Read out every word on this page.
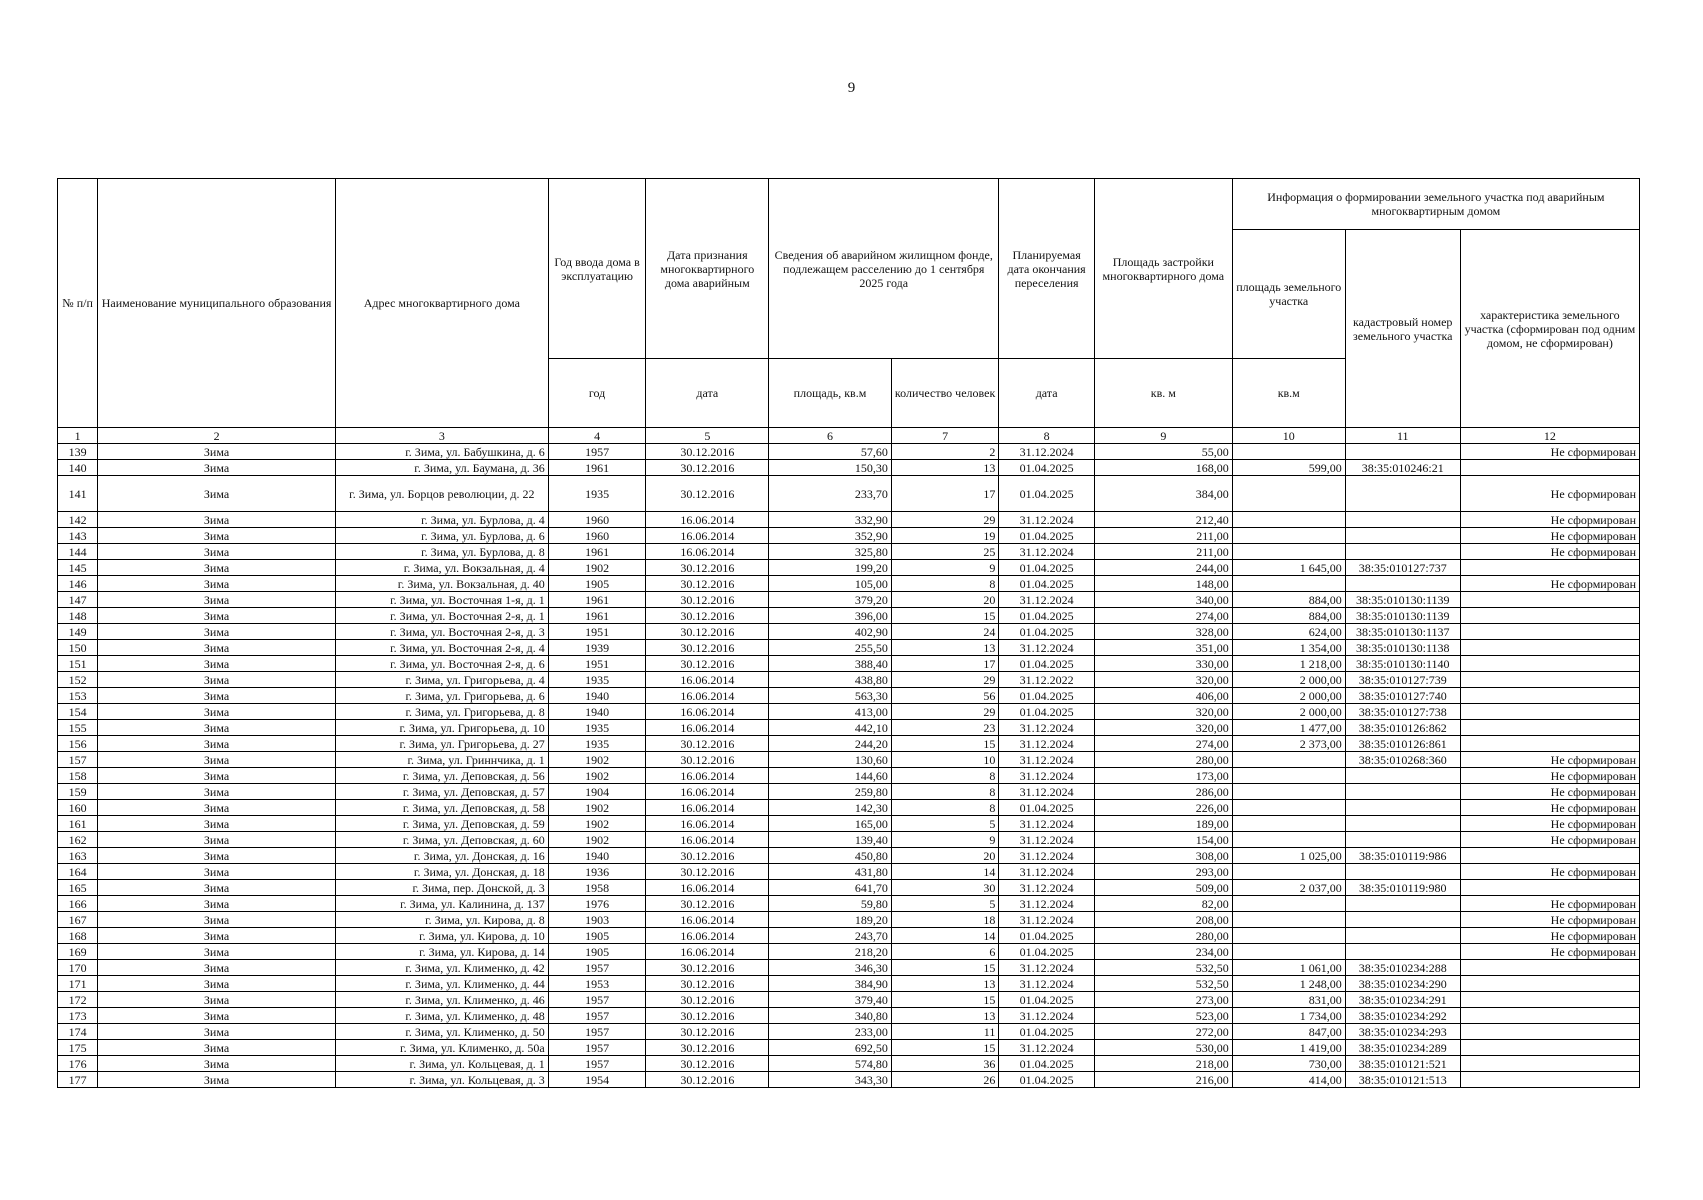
9
№ п/п	Наименование муниципального образования	Адрес многоквартирного дома	Год ввода дома в эксплуатацию	Дата признания многоквартирного дома аварийным	Сведения об аварийном жилищном фонде, подлежащем расселению до 1 сентября 2025 года		Планируемая дата окончания переселения	Площадь застройки многоквартирного дома	Информация о формировании земельного участка под аварийным многоквартирным домом		
									площадь земельного участка	кадастровый номер земельного участка	характеристика земельного участка (сформирован под одним домом, не сформирован)
			год	дата	площадь, кв.м	количество человек	дата	кв. м	кв.м		
1	2	3	4	5	6	7	8	9	10	11	12
139	Зима	г. Зима, ул. Бабушкина, д. 6	1957	30.12.2016	57,60	2	31.12.2024	55,00			Не сформирован
140	Зима	г. Зима, ул. Баумана, д. 36	1961	30.12.2016	150,30	13	01.04.2025	168,00	599,00	38:35:010246:21	
141	Зима	г. Зима, ул. Борцов революции, д. 22	1935	30.12.2016	233,70	17	01.04.2025	384,00			Не сформирован
142	Зима	г. Зима, ул. Бурлова, д. 4	1960	16.06.2014	332,90	29	31.12.2024	212,40			Не сформирован
143	Зима	г. Зима, ул. Бурлова, д. 6	1960	16.06.2014	352,90	19	01.04.2025	211,00			Не сформирован
144	Зима	г. Зима, ул. Бурлова, д. 8	1961	16.06.2014	325,80	25	31.12.2024	211,00			Не сформирован
145	Зима	г. Зима, ул. Вокзальная, д. 4	1902	30.12.2016	199,20	9	01.04.2025	244,00	1 645,00	38:35:010127:737	
146	Зима	г. Зима, ул. Вокзальная, д. 40	1905	30.12.2016	105,00	8	01.04.2025	148,00			Не сформирован
147	Зима	г. Зима, ул. Восточная 1-я, д. 1	1961	30.12.2016	379,20	20	31.12.2024	340,00	884,00	38:35:010130:1139	
148	Зима	г. Зима, ул. Восточная 2-я, д. 1	1961	30.12.2016	396,00	15	01.04.2025	274,00	884,00	38:35:010130:1139	
149	Зима	г. Зима, ул. Восточная 2-я, д. 3	1951	30.12.2016	402,90	24	01.04.2025	328,00	624,00	38:35:010130:1137	
150	Зима	г. Зима, ул. Восточная 2-я, д. 4	1939	30.12.2016	255,50	13	31.12.2024	351,00	1 354,00	38:35:010130:1138	
151	Зима	г. Зима, ул. Восточная 2-я, д. 6	1951	30.12.2016	388,40	17	01.04.2025	330,00	1 218,00	38:35:010130:1140	
152	Зима	г. Зима, ул. Григорьева, д. 4	1935	16.06.2014	438,80	29	31.12.2022	320,00	2 000,00	38:35:010127:739	
153	Зима	г. Зима, ул. Григорьева, д. 6	1940	16.06.2014	563,30	56	01.04.2025	406,00	2 000,00	38:35:010127:740	
154	Зима	г. Зима, ул. Григорьева, д. 8	1940	16.06.2014	413,00	29	01.04.2025	320,00	2 000,00	38:35:010127:738	
155	Зима	г. Зима, ул. Григорьева, д. 10	1935	16.06.2014	442,10	23	31.12.2024	320,00	1 477,00	38:35:010126:862	
156	Зима	г. Зима, ул. Григорьева, д. 27	1935	30.12.2016	244,20	15	31.12.2024	274,00	2 373,00	38:35:010126:861	
157	Зима	г. Зима, ул. Гриннчика, д. 1	1902	30.12.2016	130,60	10	31.12.2024	280,00		38:35:010268:360	Не сформирован
158	Зима	г. Зима, ул. Деповская, д. 56	1902	16.06.2014	144,60	8	31.12.2024	173,00			Не сформирован
159	Зима	г. Зима, ул. Деповская, д. 57	1904	16.06.2014	259,80	8	31.12.2024	286,00			Не сформирован
160	Зима	г. Зима, ул. Деповская, д. 58	1902	16.06.2014	142,30	8	01.04.2025	226,00			Не сформирован
161	Зима	г. Зима, ул. Деповская, д. 59	1902	16.06.2014	165,00	5	31.12.2024	189,00			Не сформирован
162	Зима	г. Зима, ул. Деповская, д. 60	1902	16.06.2014	139,40	9	31.12.2024	154,00			Не сформирован
163	Зима	г. Зима, ул. Донская, д. 16	1940	30.12.2016	450,80	20	31.12.2024	308,00	1 025,00	38:35:010119:986	
164	Зима	г. Зима, ул. Донская, д. 18	1936	30.12.2016	431,80	14	31.12.2024	293,00			Не сформирован
165	Зима	г. Зима, пер. Донской, д. 3	1958	16.06.2014	641,70	30	31.12.2024	509,00	2 037,00	38:35:010119:980	
166	Зима	г. Зима, ул. Калинина, д. 137	1976	30.12.2016	59,80	5	31.12.2024	82,00			Не сформирован
167	Зима	г. Зима, ул. Кирова, д. 8	1903	16.06.2014	189,20	18	31.12.2024	208,00			Не сформирован
168	Зима	г. Зима, ул. Кирова, д. 10	1905	16.06.2014	243,70	14	01.04.2025	280,00			Не сформирован
169	Зима	г. Зима, ул. Кирова, д. 14	1905	16.06.2014	218,20	6	01.04.2025	234,00			Не сформирован
170	Зима	г. Зима, ул. Клименко, д. 42	1957	30.12.2016	346,30	15	31.12.2024	532,50	1 061,00	38:35:010234:288	
171	Зима	г. Зима, ул. Клименко, д. 44	1953	30.12.2016	384,90	13	31.12.2024	532,50	1 248,00	38:35:010234:290	
172	Зима	г. Зима, ул. Клименко, д. 46	1957	30.12.2016	379,40	15	01.04.2025	273,00	831,00	38:35:010234:291	
173	Зима	г. Зима, ул. Клименко, д. 48	1957	30.12.2016	340,80	13	31.12.2024	523,00	1 734,00	38:35:010234:292	
174	Зима	г. Зима, ул. Клименко, д. 50	1957	30.12.2016	233,00	11	01.04.2025	272,00	847,00	38:35:010234:293	
175	Зима	г. Зима, ул. Клименко, д. 50а	1957	30.12.2016	692,50	15	31.12.2024	530,00	1 419,00	38:35:010234:289	
176	Зима	г. Зима, ул. Кольцевая, д. 1	1957	30.12.2016	574,80	36	01.04.2025	218,00	730,00	38:35:010121:521	
177	Зима	г. Зима, ул. Кольцевая, д. 3	1954	30.12.2016	343,30	26	01.04.2025	216,00	414,00	38:35:010121:513	
